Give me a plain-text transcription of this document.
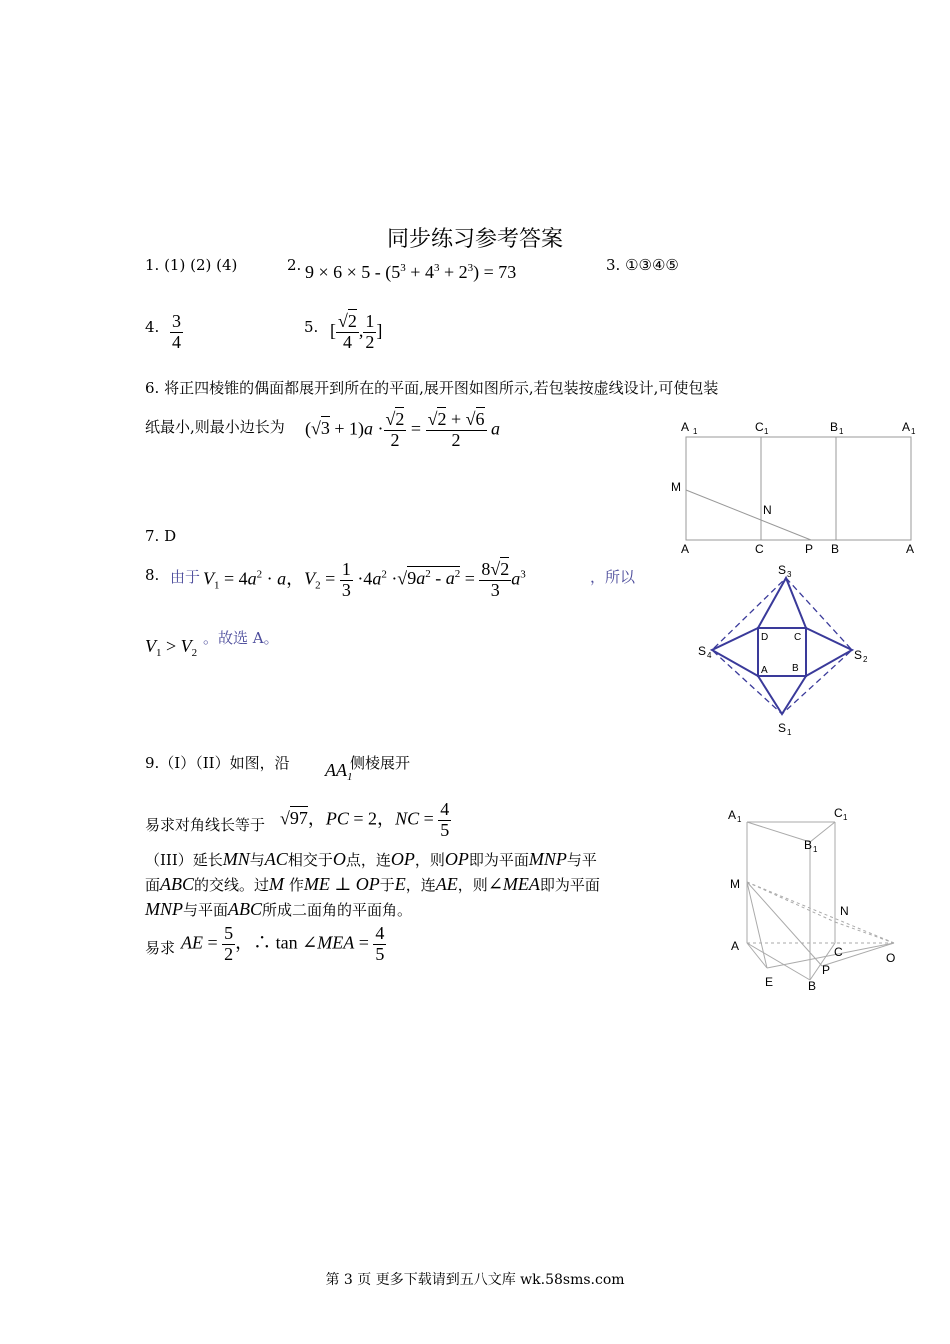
同步练习参考答案
1. (1) (2) (4)	2. $9 \times 6 \times 5 - (5^3 + 4^3 + 2^3) = 73$	3. ①③④⑤
4. $\frac{3}{4}$	5. [ $\frac{√2}{4}$ , $\frac{1}{2}$ ]
6. 将正四棱锥的偶面都展开到所在的平面,展开图如图所示,若包装按虚线设计,可使包装
纸最小,则最小边长为 $(√3 + 1)a \cdot \frac{√2}{2} = \frac{√2 + √6}{2}$ a	A 1	C 1	B 1	A 1
M
N
A	C	P B	A
7. D
8. 由于 $V_1 = 4a^2 \cdot a$，$V_2 = \frac{1}{3} \cdot 4a^2 \cdot√9a^2 - a^2 = \frac{8√2}{3} a^3$	，所以
$V_1 > V_2$
。故选 A。
S 3
S 4	S 2
S 1
D	C
A B
9.（I）（II）如图，沿 $AA_1$
侧棱展开
易求对角线长等于 √97，PC = 2，NC = $\frac{4}{5}$
（III）延长MN与AC相交于O点，连OP，则OP即为平面MNP与平
面ABC的交线。过M 作ME ⊥ OP于E，连AE，则∠MEA即为平面
MNP与平面ABC所成二面角的平面角。
易求 AE = $\frac{5}{2}$ ，∴ tan ∠MEA = $\frac{4}{5}$
A 1	C 1
B 1
M
N
A	C	O
P
E	B
第 3 页 更多下载请到五八文库 wk.58sms.com
